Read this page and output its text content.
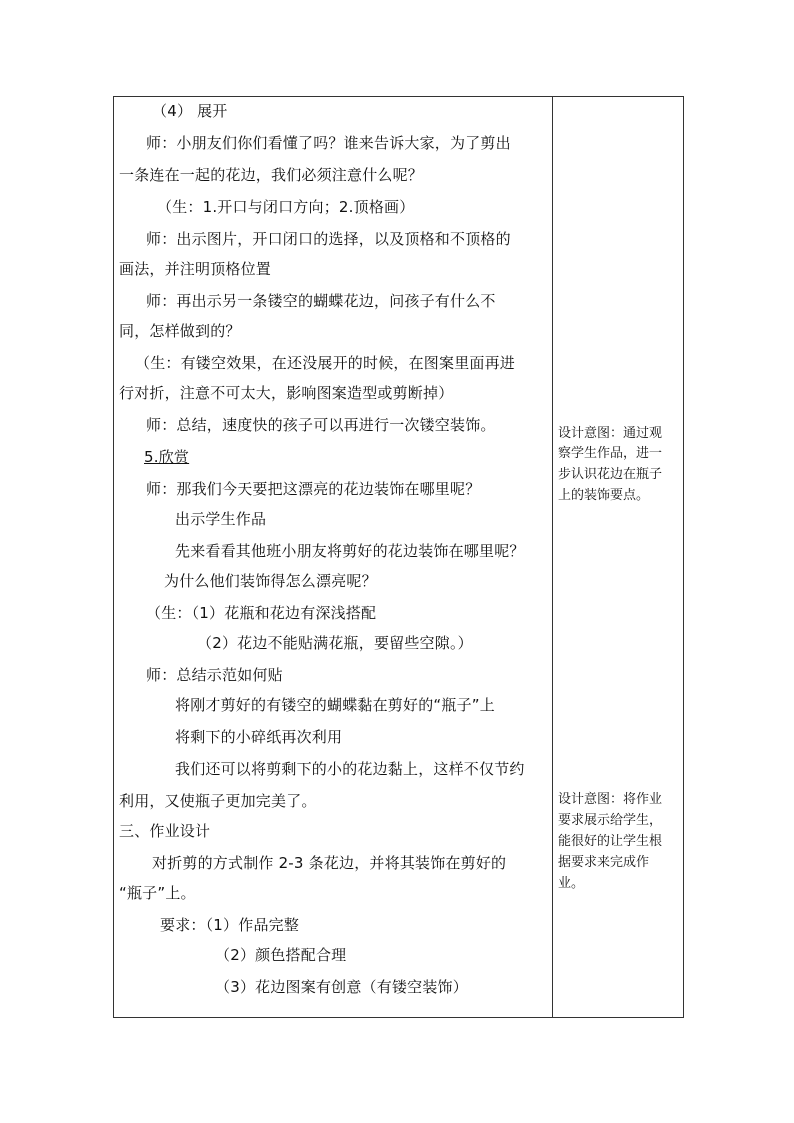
（4） 展开
师：小朋友们你们看懂了吗？谁来告诉大家，为了剪出
一条连在一起的花边，我们必须注意什么呢？
（生：1.开口与闭口方向；2.顶格画）
师：出示图片，开口闭口的选择，以及顶格和不顶格的
画法，并注明顶格位置
师：再出示另一条镂空的蝴蝶花边，问孩子有什么不
同，怎样做到的？
（生：有镂空效果，在还没展开的时候，在图案里面再进
行对折，注意不可太大，影响图案造型或剪断掉）
师：总结，速度快的孩子可以再进行一次镂空装饰。
5.欣赏
师：那我们今天要把这漂亮的花边装饰在哪里呢？
出示学生作品
先来看看其他班小朋友将剪好的花边装饰在哪里呢？
为什么他们装饰得怎么漂亮呢？
（生：（1）花瓶和花边有深浅搭配
（2）花边不能贴满花瓶，要留些空隙。）
师：总结示范如何贴
将刚才剪好的有镂空的蝴蝶黏在剪好的“瓶子”上
将剩下的小碎纸再次利用
我们还可以将剪剩下的小的花边黏上，这样不仅节约
利用，又使瓶子更加完美了。
三、作业设计
对折剪的方式制作 2-3 条花边，并将其装饰在剪好的
“瓶子”上。
要求：（1）作品完整
（2）颜色搭配合理
（3）花边图案有创意（有镂空装饰）
设计意图：通过观
察学生作品，进一
步认识花边在瓶子
上的装饰要点。
设计意图：将作业
要求展示给学生，
能很好的让学生根
据要求来完成作
业。
